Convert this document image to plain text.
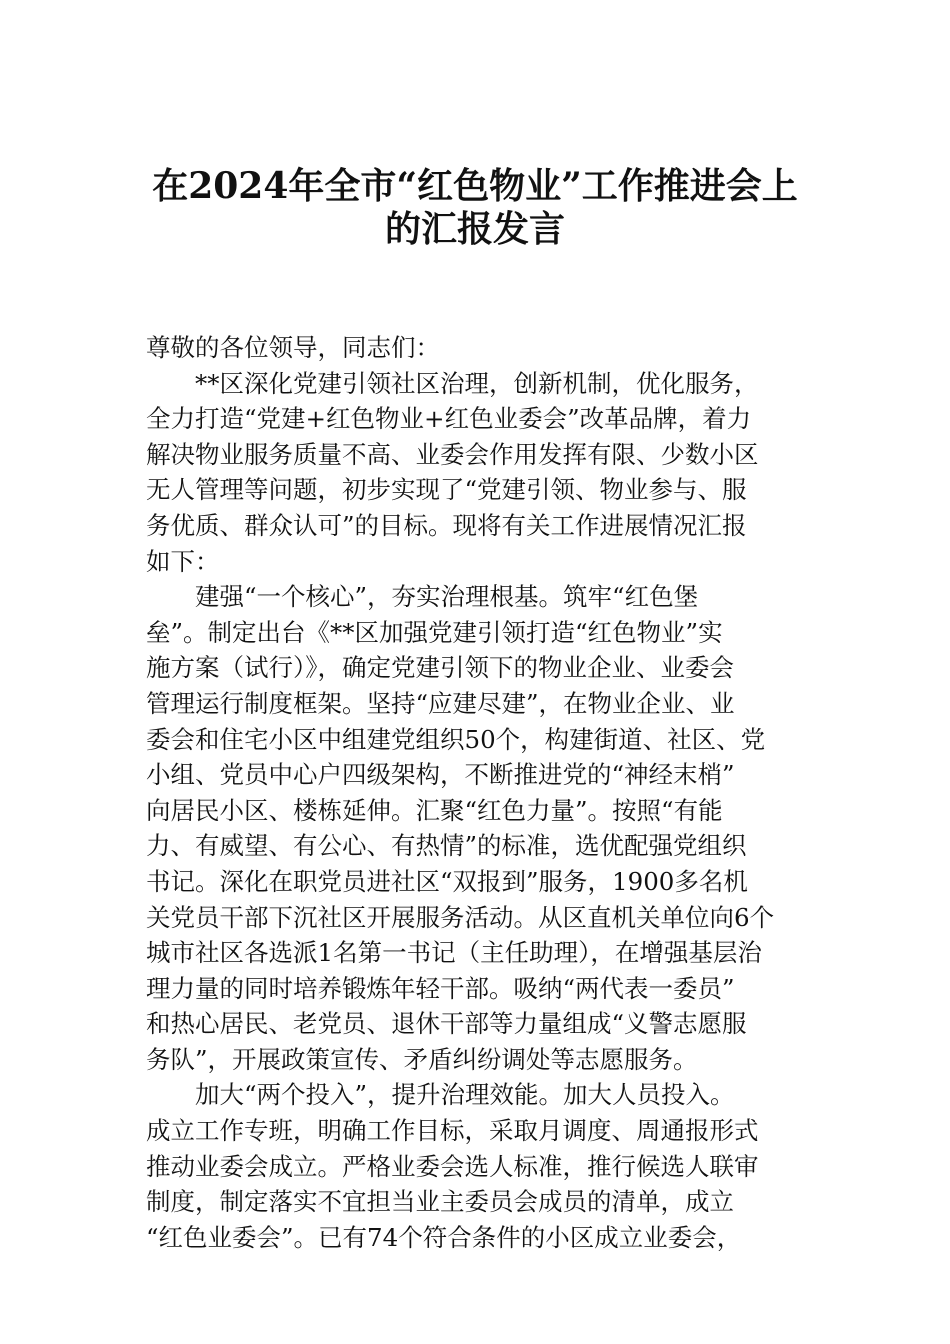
在2024年全市“红色物业”工作推进会上
的汇报发言
尊敬的各位领导，同志们：
**区深化党建引领社区治理，创新机制，优化服务，
全力打造“党建+红色物业+红色业委会”改革品牌，着力
解决物业服务质量不高、业委会作用发挥有限、少数小区
无人管理等问题，初步实现了“党建引领、物业参与、服
务优质、群众认可”的目标。现将有关工作进展情况汇报
如下：
建强“一个核心”，夯实治理根基。筑牢“红色堡
垒”。制定出台《**区加强党建引领打造“红色物业”实
施方案（试行）》，确定党建引领下的物业企业、业委会
管理运行制度框架。坚持“应建尽建”，在物业企业、业
委会和住宅小区中组建党组织50个，构建街道、社区、党
小组、党员中心户四级架构，不断推进党的“神经末梢”
向居民小区、楼栋延伸。汇聚“红色力量”。按照“有能
力、有威望、有公心、有热情”的标准，选优配强党组织
书记。深化在职党员进社区“双报到”服务，1900多名机
关党员干部下沉社区开展服务活动。从区直机关单位向6个
城市社区各选派1名第一书记（主任助理），在增强基层治
理力量的同时培养锻炼年轻干部。吸纳“两代表一委员”
和热心居民、老党员、退休干部等力量组成“义警志愿服
务队”，开展政策宣传、矛盾纠纷调处等志愿服务。
加大“两个投入”，提升治理效能。加大人员投入。
成立工作专班，明确工作目标，采取月调度、周通报形式
推动业委会成立。严格业委会选人标准，推行候选人联审
制度，制定落实不宜担当业主委员会成员的清单，成立
“红色业委会”。已有74个符合条件的小区成立业委会，
